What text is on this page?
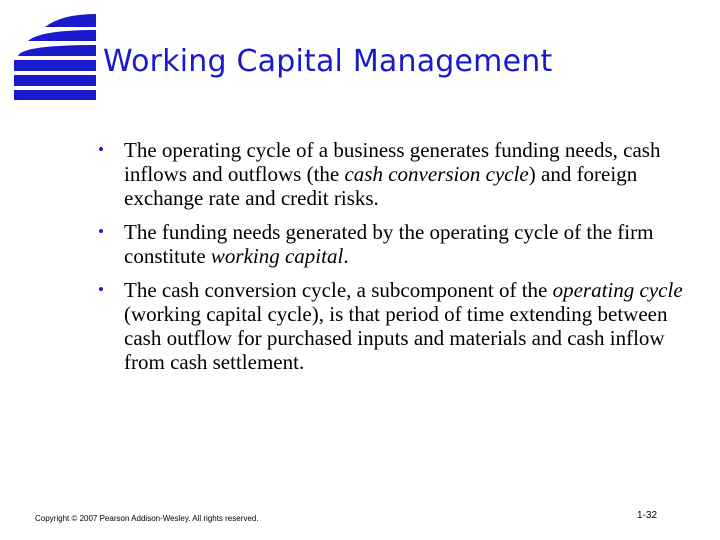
Working Capital Management
• The operating cycle of a business generates funding needs, cash inflows and outflows (the cash conversion cycle) and foreign exchange rate and credit risks.
• The funding needs generated by the operating cycle of the firm constitute working capital.
• The cash conversion cycle, a subcomponent of the operating cycle (working capital cycle), is that period of time extending between cash outflow for purchased inputs and materials and cash inflow from cash settlement.
Copyright © 2007 Pearson Addison-Wesley. All rights reserved.	1-32
